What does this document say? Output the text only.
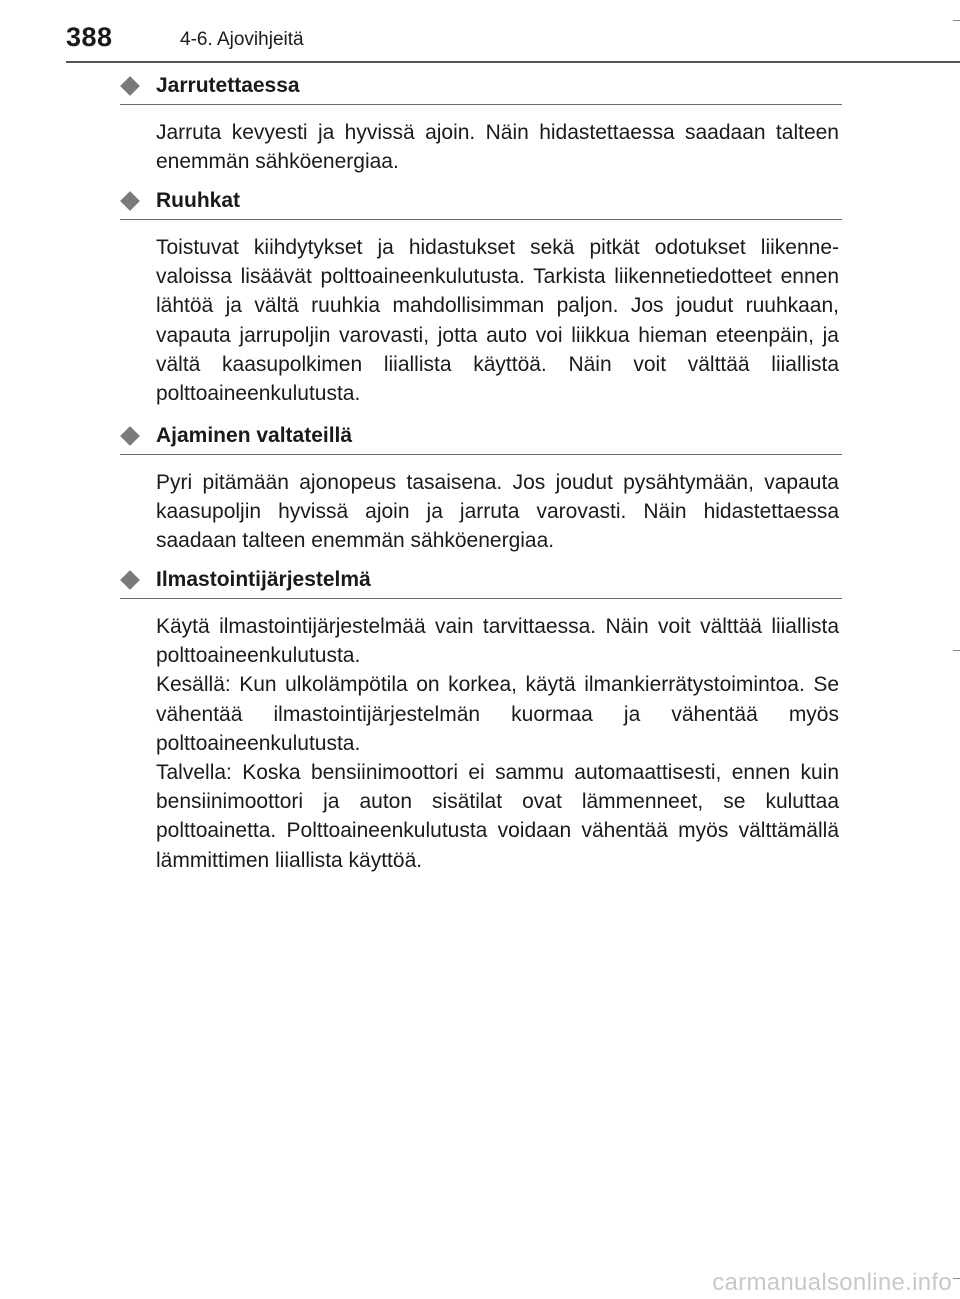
388	4-6. Ajovihjeitä
Jarrutettaessa

Jarruta kevyesti ja hyvissä ajoin. Näin hidastettaessa saadaan talteen enemmän sähköenergiaa.

Ruuhkat

Toistuvat kiihdytykset ja hidastukset sekä pitkät odotukset liikennevaloissa lisäävät polttoaineenkulutusta. Tarkista liikennetiedotteet ennen lähtöä ja vältä ruuhkia mahdollisimman paljon. Jos joudut ruuhkaan, vapauta jarrupoljin varovasti, jotta auto voi liikkua hieman eteenpäin, ja vältä kaasupolkimen liiallista käyttöä. Näin voit välttää liiallista polttoaineenkulutusta.

Ajaminen valtateillä

Pyri pitämään ajonopeus tasaisena. Jos joudut pysähtymään, vapauta kaasupoljin hyvissä ajoin ja jarruta varovasti. Näin hidastettaessa saadaan talteen enemmän sähköenergiaa.

Ilmastointijärjestelmä

Käytä ilmastointijärjestelmää vain tarvittaessa. Näin voit välttää liiallista polttoaineenkulutusta.

Kesällä: Kun ulkolämpötila on korkea, käytä ilmankierrätystoimintoa. Se vähentää ilmastointijärjestelmän kuormaa ja vähentää myös polttoaineenkulutusta.

Talvella: Koska bensiinimoottori ei sammu automaattisesti, ennen kuin bensiinimoottori ja auton sisätilat ovat lämmenneet, se kuluttaa polttoainetta. Polttoaineenkulutusta voidaan vähentää myös välttämällä lämmittimen liiallista käyttöä.

carmanualsonline.info
